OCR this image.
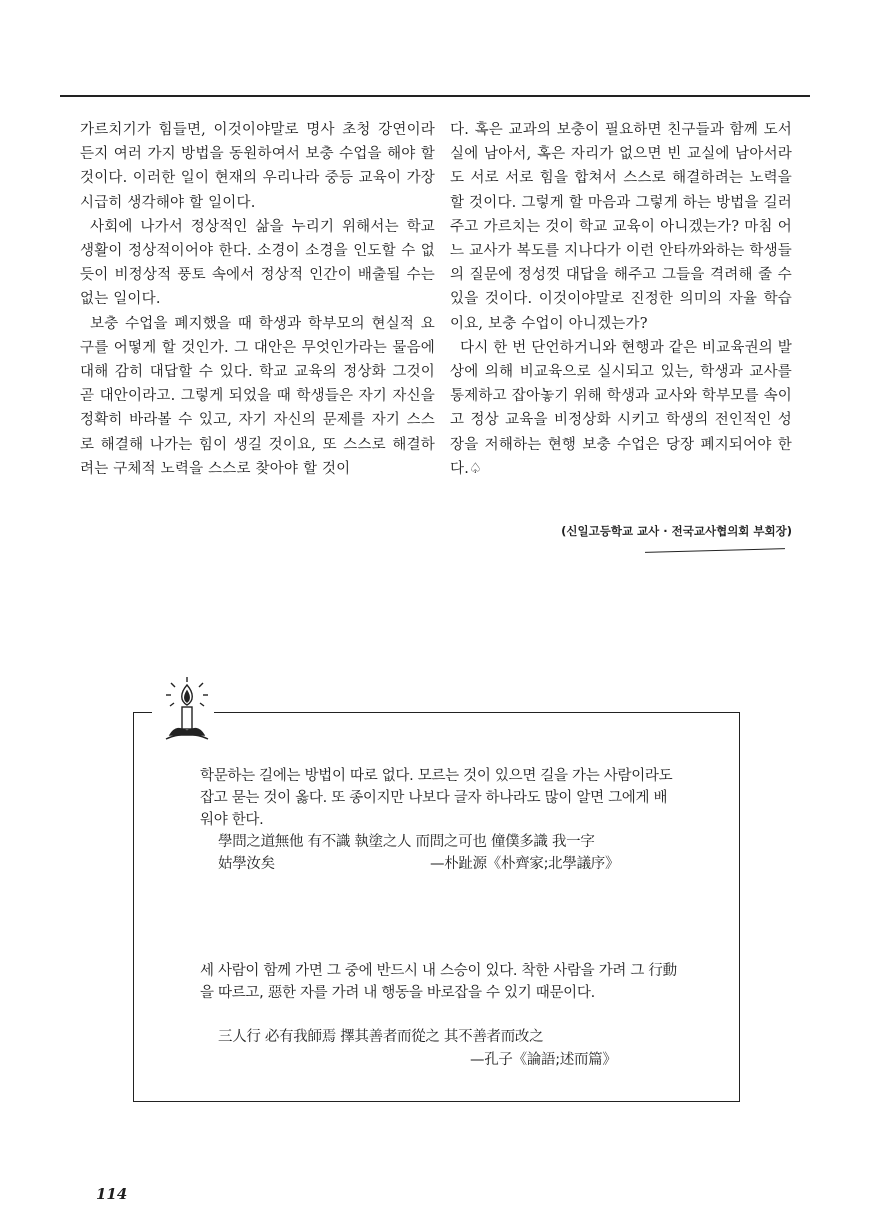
가르치기가 힘들면, 이것이야말로 명사 초청 강연이라든지 여러 가지 방법을 동원하여서 보충 수업을 해야 할 것이다. 이러한 일이 현재의 우리나라 중등 교육이 가장 시급히 생각해야 할 일이다.

사회에 나가서 정상적인 삶을 누리기 위해서는 학교 생활이 정상적이어야 한다. 소경이 소경을 인도할 수 없듯이 비정상적 풍토 속에서 정상적 인간이 배출될 수는 없는 일이다.

보충 수업을 폐지했을 때 학생과 학부모의 현실적 요구를 어떻게 할 것인가. 그 대안은 무엇인가라는 물음에 대해 감히 대답할 수 있다. 학교 교육의 정상화 그것이 곧 대안이라고. 그렇게 되었을 때 학생들은 자기 자신을 정확히 바라볼 수 있고, 자기 자신의 문제를 자기 스스로 해결해 나가는 힘이 생길 것이요, 또 스스로 해결하려는 구체적 노력을 스스로 찾아야 할 것이

다. 혹은 교과의 보충이 필요하면 친구들과 함께 도서실에 남아서, 혹은 자리가 없으면 빈 교실에 남아서라도 서로 서로 힘을 합쳐서 스스로 해결하려는 노력을 할 것이다. 그렇게 할 마음과 그렇게 하는 방법을 길러주고 가르치는 것이 학교 교육이 아니겠는가? 마침 어느 교사가 복도를 지나다가 이런 안타까와하는 학생들의 질문에 정성껏 대답을 해주고 그들을 격려해 줄 수 있을 것이다. 이것이야말로 진정한 의미의 자율 학습이요, 보충 수업이 아니겠는가?

다시 한 번 단언하거니와 현행과 같은 비교육권의 발상에 의해 비교육으로 실시되고 있는, 학생과 교사를 통제하고 잡아놓기 위해 학생과 교사와 학부모를 속이고 정상 교육을 비정상화 시키고 학생의 전인적인 성장을 저해하는 현행 보충 수업은 당장 폐지되어야 한다.♤

(신일고등학교 교사 · 전국교사협의회 부회장)
학문하는 길에는 방법이 따로 없다. 모르는 것이 있으면 길을 가는 사람이라도 잡고 묻는 것이 옳다. 또 종이지만 나보다 글자 하나라도 많이 알면 그에게 배워야 한다.
學問之道無他 有不識 執塗之人 而問之可也 僮僕多識 我一字
姑學汝矣	—朴趾源《朴齊家;北學議序》
세 사람이 함께 가면 그 중에 반드시 내 스승이 있다. 착한 사람을 가려 그 行動을 따르고, 惡한 자를 가려 내 행동을 바로잡을 수 있기 때문이다.
三人行 必有我師焉 擇其善者而從之 其不善者而改之
—孔子《論語;述而篇》
114
